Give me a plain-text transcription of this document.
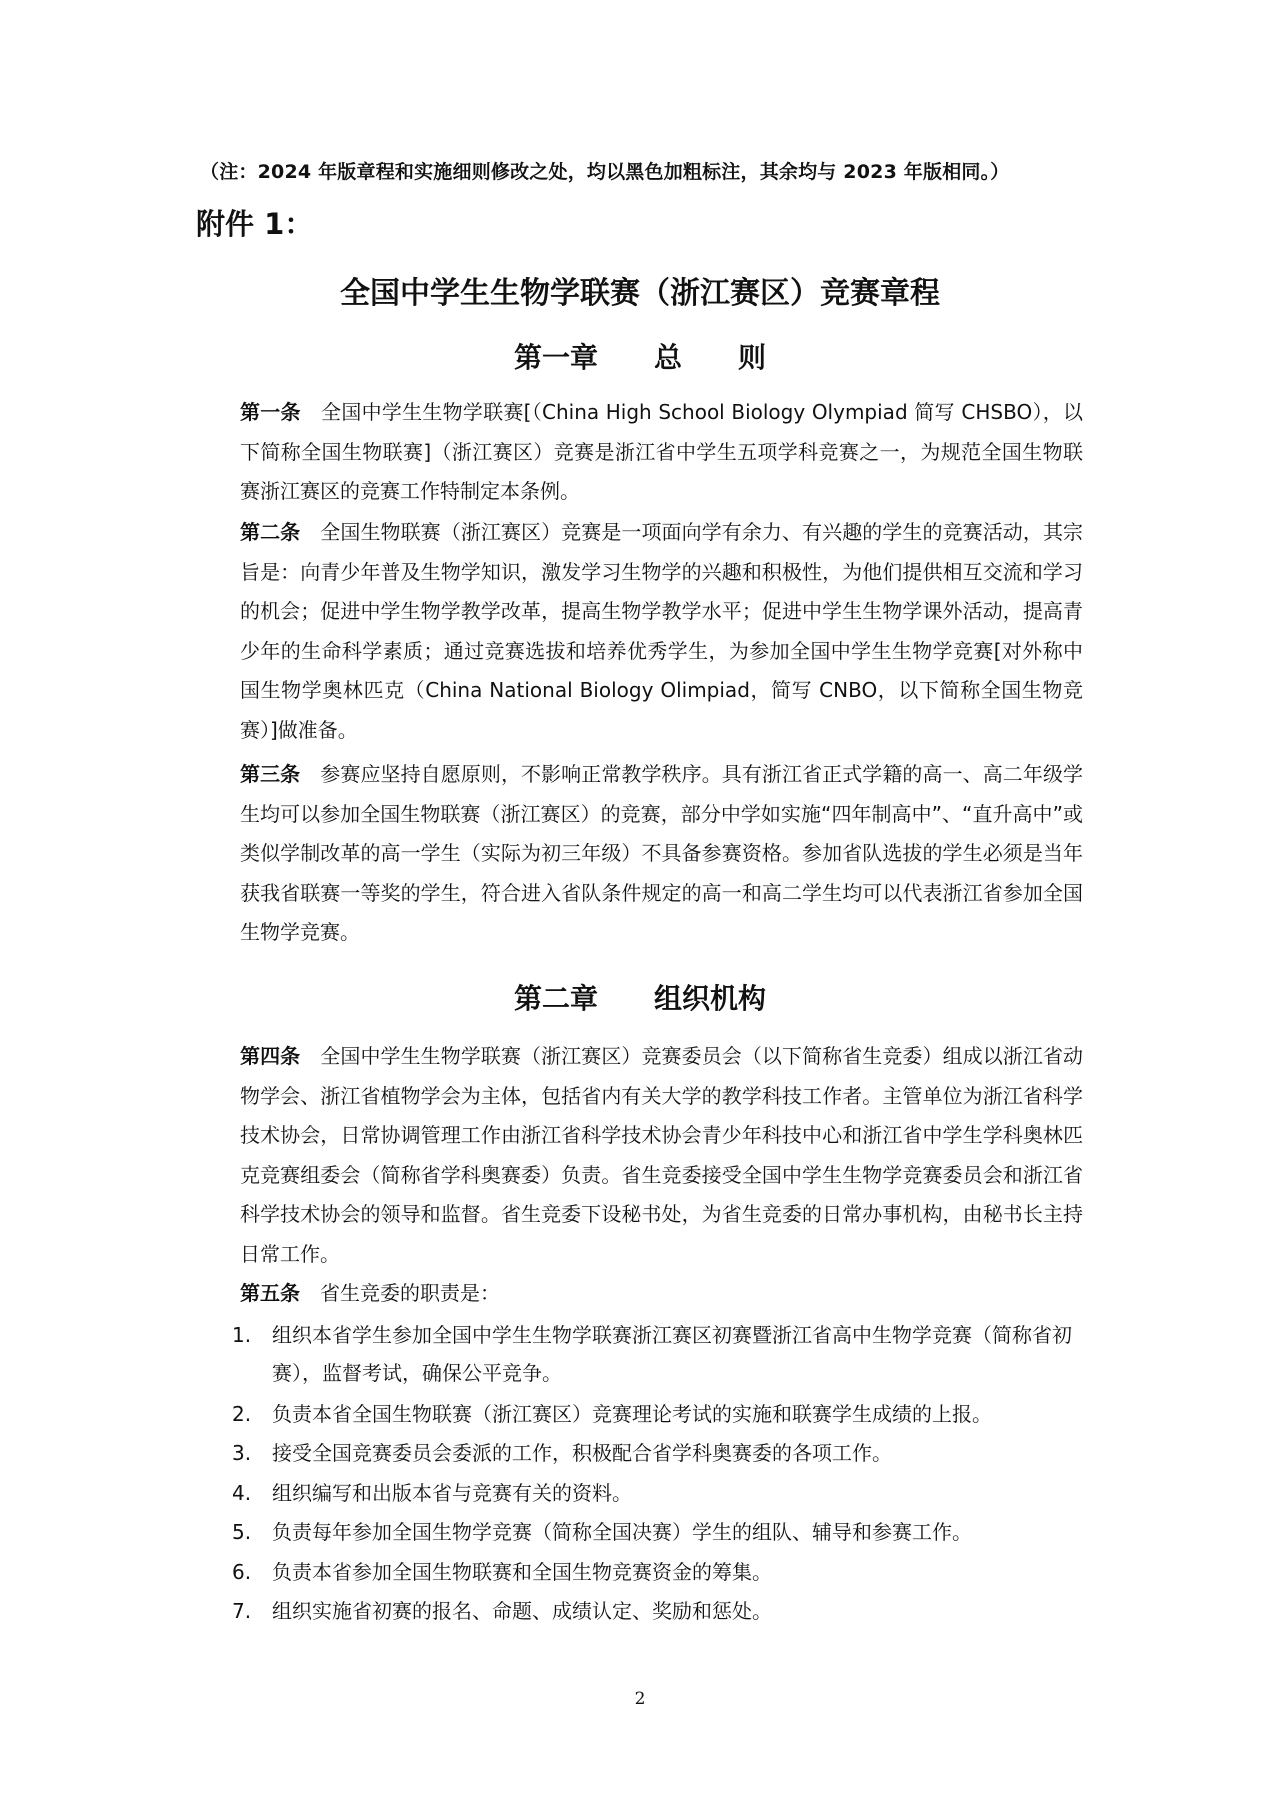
（注：2024 年版章程和实施细则修改之处，均以黑色加粗标注，其余均与 2023 年版相同。）
附件 1：
全国中学生生物学联赛（浙江赛区）竞赛章程
第一章　　总　　则
第一条　全国中学生生物学联赛[（China High School Biology Olympiad 简写 CHSBO），以下简称全国生物联赛]（浙江赛区）竞赛是浙江省中学生五项学科竞赛之一，为规范全国生物联赛浙江赛区的竞赛工作特制定本条例。
第二条　全国生物联赛（浙江赛区）竞赛是一项面向学有余力、有兴趣的学生的竞赛活动，其宗旨是：向青少年普及生物学知识，激发学习生物学的兴趣和积极性，为他们提供相互交流和学习的机会；促进中学生物学教学改革，提高生物学教学水平；促进中学生生物学课外活动，提高青少年的生命科学素质；通过竞赛选拔和培养优秀学生，为参加全国中学生生物学竞赛[对外称中国生物学奥林匹克（China National Biology Olimpiad，简写 CNBO，以下简称全国生物竞赛）]做准备。
第三条　参赛应坚持自愿原则，不影响正常教学秩序。具有浙江省正式学籍的高一、高二年级学生均可以参加全国生物联赛（浙江赛区）的竞赛，部分中学如实施“四年制高中”、“直升高中”或类似学制改革的高一学生（实际为初三年级）不具备参赛资格。参加省队选拔的学生必须是当年获我省联赛一等奖的学生，符合进入省队条件规定的高一和高二学生均可以代表浙江省参加全国生物学竞赛。
第二章　　组织机构
第四条　全国中学生生物学联赛（浙江赛区）竞赛委员会（以下简称省生竞委）组成以浙江省动物学会、浙江省植物学会为主体，包括省内有关大学的教学科技工作者。主管单位为浙江省科学技术协会，日常协调管理工作由浙江省科学技术协会青少年科技中心和浙江省中学生学科奥林匹克竞赛组委会（简称省学科奥赛委）负责。省生竞委接受全国中学生生物学竞赛委员会和浙江省科学技术协会的领导和监督。省生竞委下设秘书处，为省生竞委的日常办事机构，由秘书长主持日常工作。
第五条　省生竞委的职责是：
1. 组织本省学生参加全国中学生生物学联赛浙江赛区初赛暨浙江省高中生物学竞赛（简称省初赛），监督考试，确保公平竞争。
2. 负责本省全国生物联赛（浙江赛区）竞赛理论考试的实施和联赛学生成绩的上报。
3. 接受全国竞赛委员会委派的工作，积极配合省学科奥赛委的各项工作。
4. 组织编写和出版本省与竞赛有关的资料。
5. 负责每年参加全国生物学竞赛（简称全国决赛）学生的组队、辅导和参赛工作。
6. 负责本省参加全国生物联赛和全国生物竞赛资金的筹集。
7. 组织实施省初赛的报名、命题、成绩认定、奖励和惩处。
2
